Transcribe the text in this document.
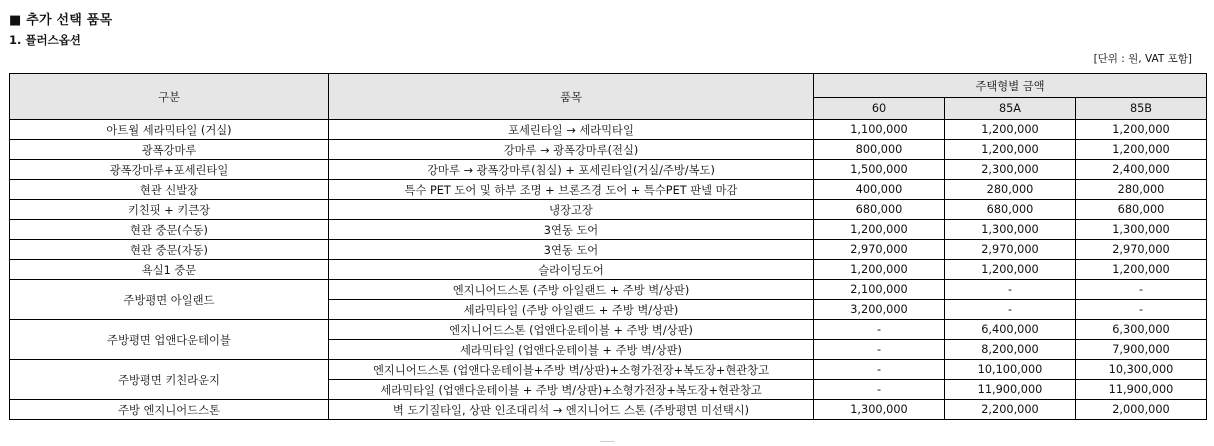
■ 추가 선택 품목
1. 플러스옵션
[단위 : 원, VAT 포함]
구분	품목	주택형별 금액		
		60	85A	85B
아트월 세라믹타일 (거실)	포세린타일 → 세라믹타일	1,100,000	1,200,000	1,200,000
광폭강마루	강마루 → 광폭강마루(전실)	800,000	1,200,000	1,200,000
광폭강마루+포세린타일	강마루 → 광폭강마루(침실) + 포세린타일(거실/주방/복도)	1,500,000	2,300,000	2,400,000
현관 신발장	특수 PET 도어 및 하부 조명 + 브론즈경 도어 + 특수PET 판넬 마감	400,000	280,000	280,000
키친핏 + 키큰장	냉장고장	680,000	680,000	680,000
현관 중문(수동)	3연동 도어	1,200,000	1,300,000	1,300,000
현관 중문(자동)	3연동 도어	2,970,000	2,970,000	2,970,000
욕실1 중문	슬라이딩도어	1,200,000	1,200,000	1,200,000
주방평면 아일랜드	엔지니어드스톤 (주방 아일랜드 + 주방 벽/상판)	2,100,000	-	-
	세라믹타일 (주방 아일랜드 + 주방 벽/상판)	3,200,000	-	-
주방평면 업앤다운테이블	엔지니어드스톤 (업앤다운테이블 + 주방 벽/상판)	-	6,400,000	6,300,000
	세라믹타일 (업앤다운테이블 + 주방 벽/상판)	-	8,200,000	7,900,000
주방평면 키친라운지	엔지니어드스톤 (업앤다운테이블+주방 벽/상판)+소형가전장+복도장+현관창고	-	10,100,000	10,300,000
	세라믹타일 (업앤다운테이블 + 주방 벽/상판)+소형가전장+복도장+현관창고	-	11,900,000	11,900,000
주방 엔지니어드스톤	벽 도기질타일, 상판 인조대리석 → 엔지니어드 스톤 (주방평면 미선택시)	1,300,000	2,200,000	2,000,000
